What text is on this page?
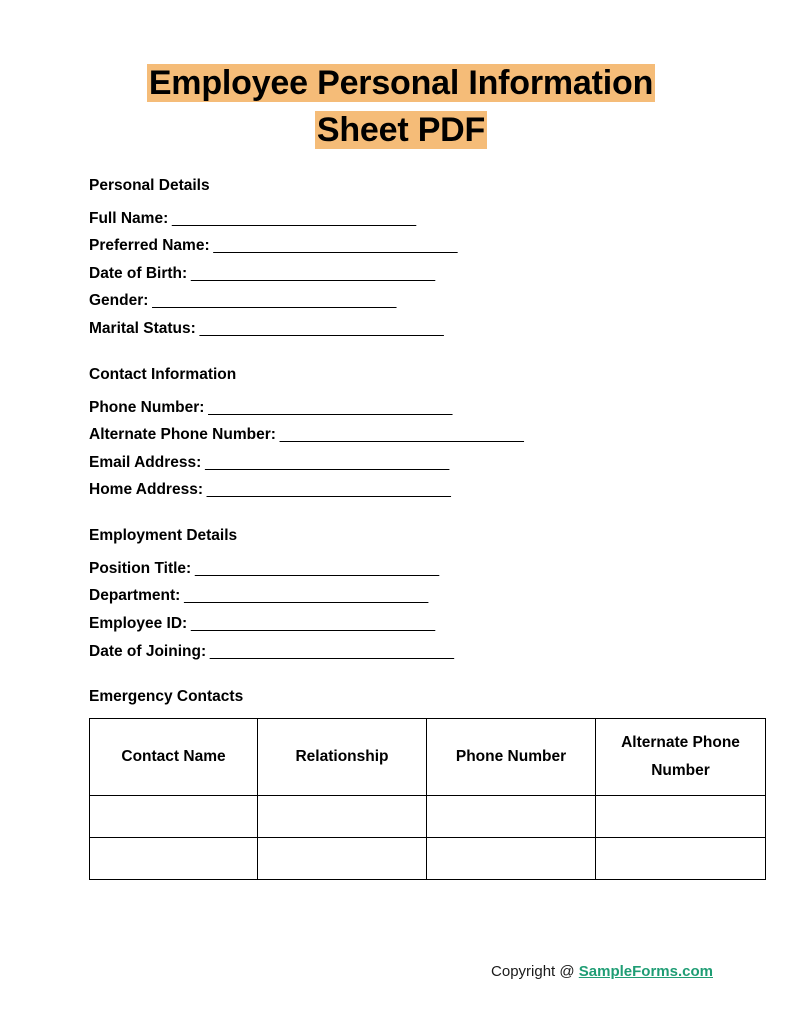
Employee Personal Information
Sheet PDF
Personal Details
Full Name: ______________________________
Preferred Name: ______________________________
Date of Birth: ______________________________
Gender: ______________________________
Marital Status: ______________________________
Contact Information
Phone Number: ______________________________
Alternate Phone Number: ______________________________
Email Address: ______________________________
Home Address: ______________________________
Employment Details
Position Title: ______________________________
Department: ______________________________
Employee ID: ______________________________
Date of Joining: ______________________________
Emergency Contacts
Contact Name	Relationship	Phone Number	Alternate Phone Number

Copyright @ SampleForms.com
